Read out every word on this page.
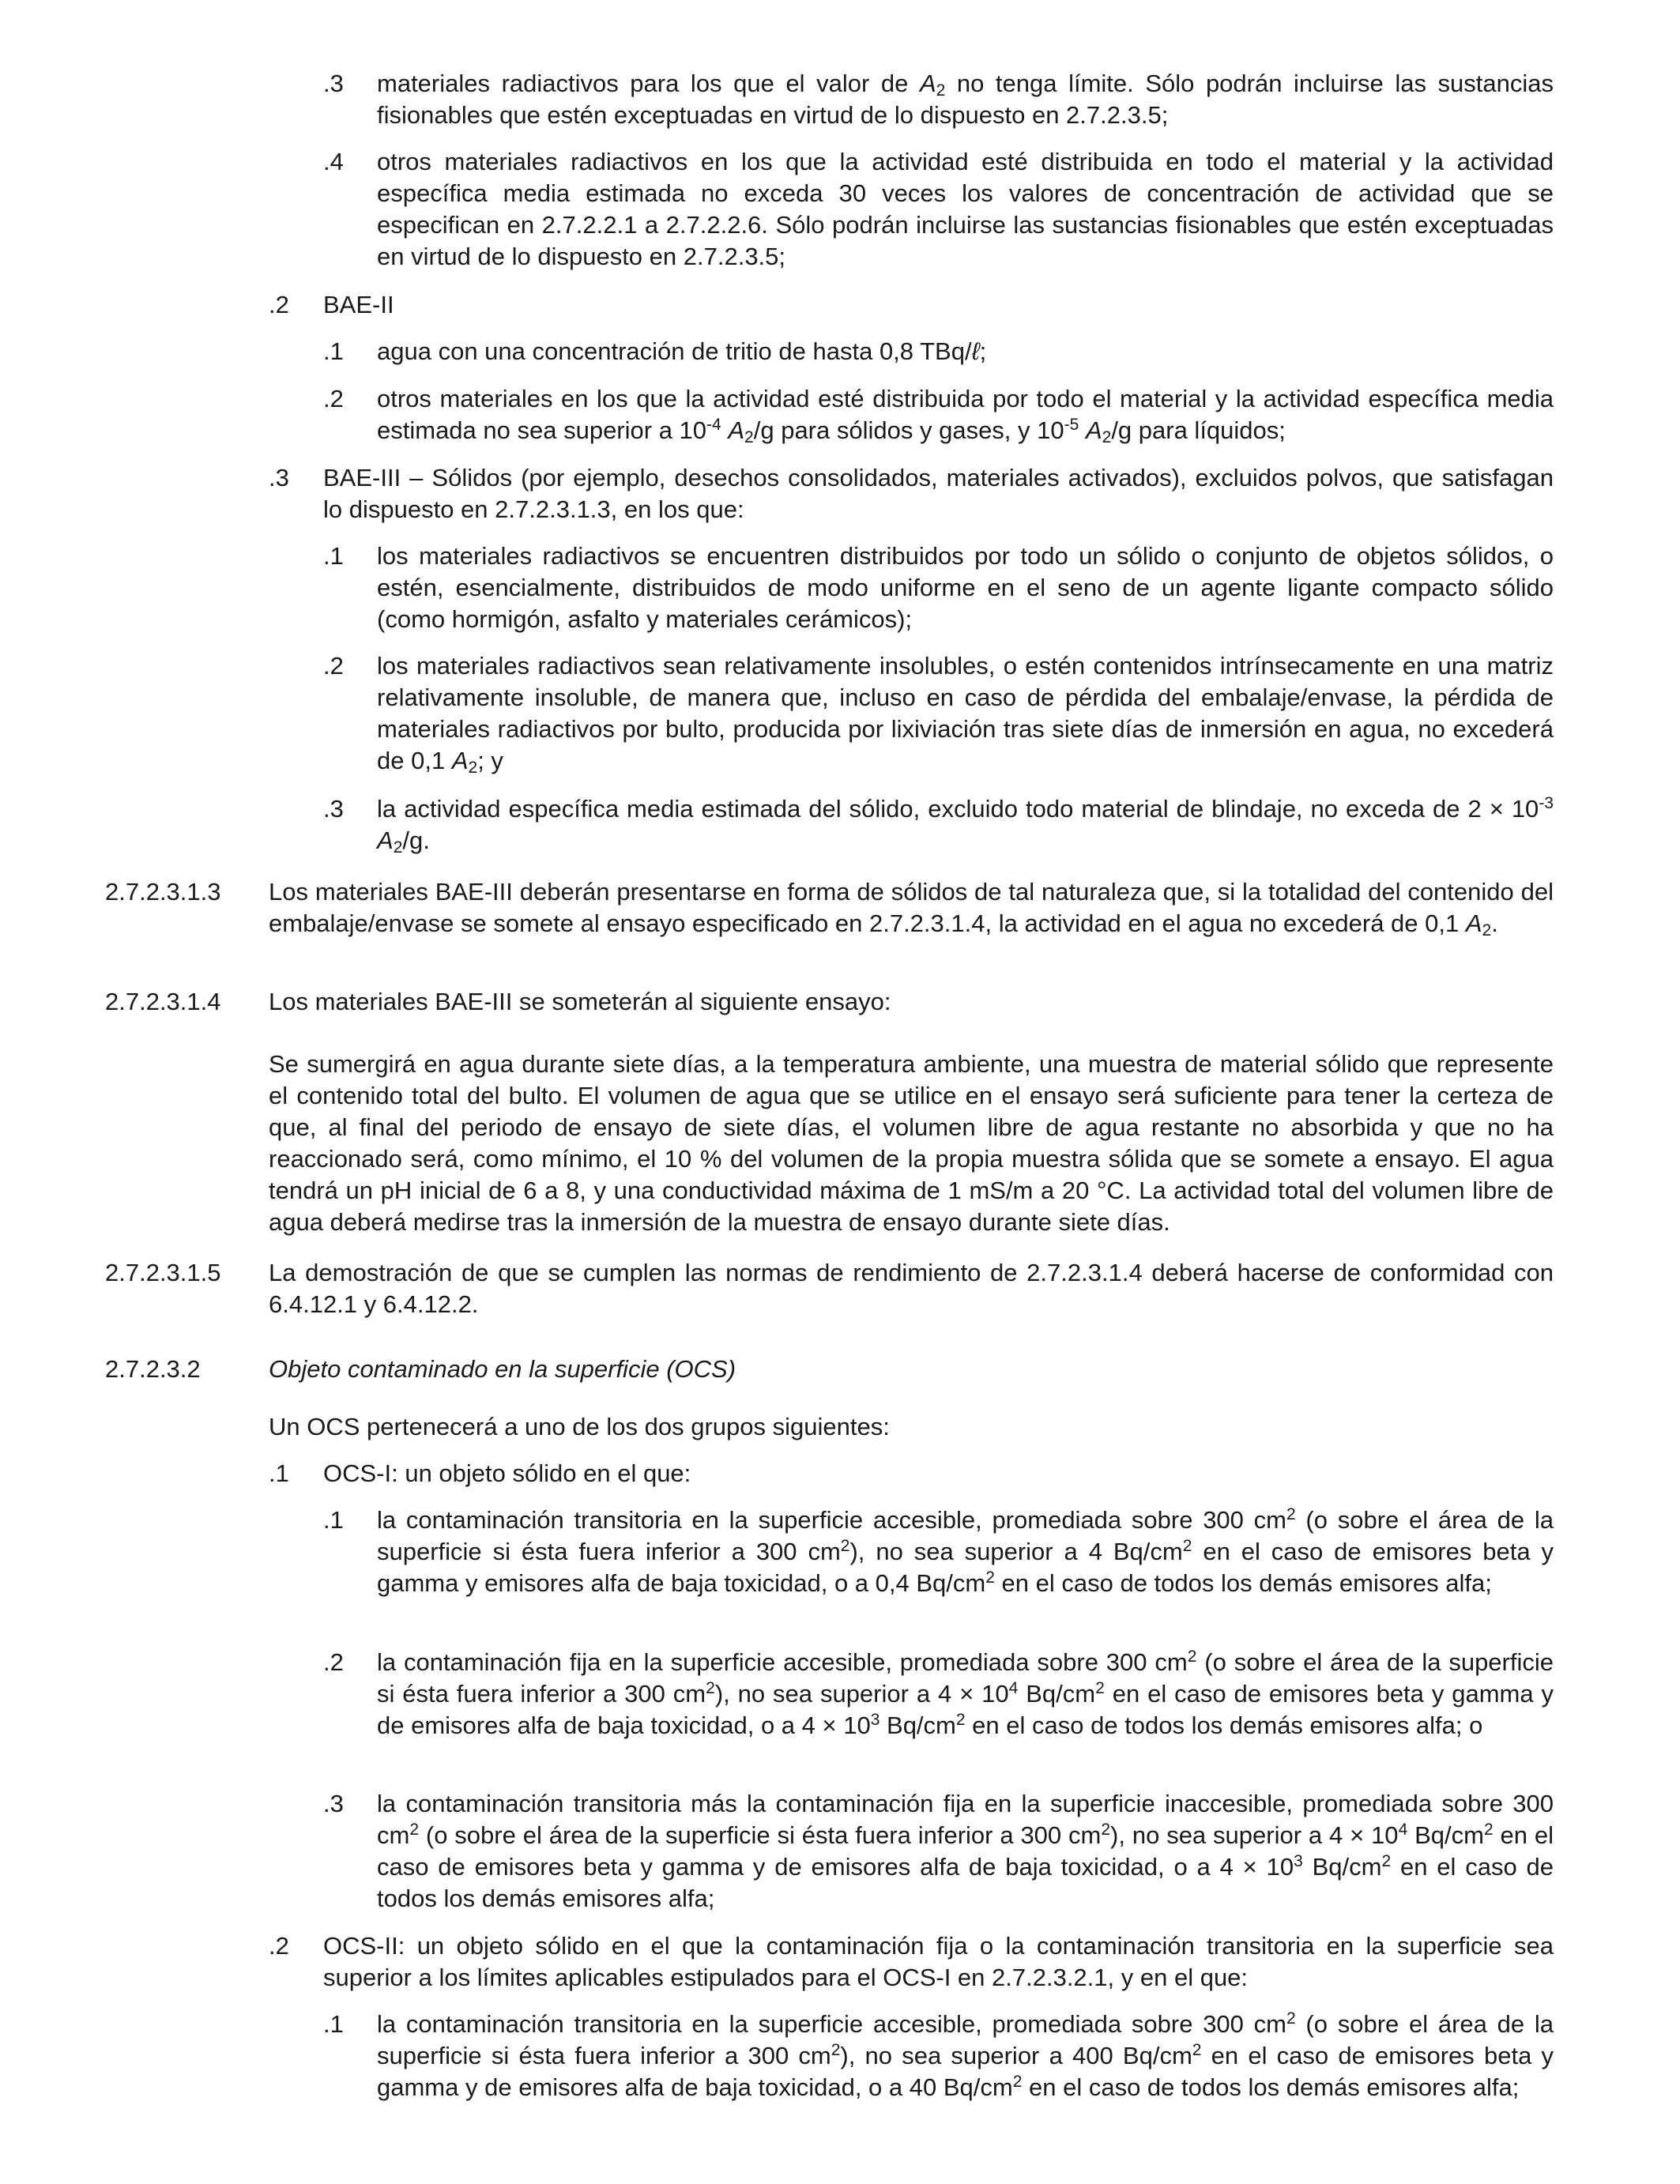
.3 materiales radiactivos para los que el valor de $A_2$ no tenga límite. Sólo podrán incluirse las sustancias fisionables que estén exceptuadas en virtud de lo dispuesto en 2.7.2.3.5;
.4 otros materiales radiactivos en los que la actividad esté distribuida en todo el material y la actividad específica media estimada no exceda 30 veces los valores de concentración de actividad que se especifican en 2.7.2.2.1 a 2.7.2.2.6. Sólo podrán incluirse las sustancias fisionables que estén exceptuadas en virtud de lo dispuesto en 2.7.2.3.5;
.2 BAE-II
.1 agua con una concentración de tritio de hasta 0,8 TBq/ℓ;
.2 otros materiales en los que la actividad esté distribuida por todo el material y la actividad específica media estimada no sea superior a $10^{-4}$ $A_2/g$ para sólidos y gases, y $10^{-5}$ $A_2/g$ para líquidos;
.3 BAE-III – Sólidos (por ejemplo, desechos consolidados, materiales activados), excluidos polvos, que satisfagan lo dispuesto en 2.7.2.3.1.3, en los que:
.1 los materiales radiactivos se encuentren distribuidos por todo un sólido o conjunto de objetos sólidos, o estén, esencialmente, distribuidos de modo uniforme en el seno de un agente ligante compacto sólido (como hormigón, asfalto y materiales cerámicos);
.2 los materiales radiactivos sean relativamente insolubles, o estén contenidos intrínsecamente en una matriz relativamente insoluble, de manera que, incluso en caso de pérdida del embalaje/envase, la pérdida de materiales radiactivos por bulto, producida por lixiviación tras siete días de inmersión en agua, no excederá de 0,1 $A_2$; y
.3 la actividad específica media estimada del sólido, excluido todo material de blindaje, no exceda de $2 \times 10^{-3}$ $A_2/g$.
2.7.2.3.1.3 Los materiales BAE-III deberán presentarse en forma de sólidos de tal naturaleza que, si la totalidad del contenido del embalaje/envase se somete al ensayo especificado en 2.7.2.3.1.4, la actividad en el agua no excederá de 0,1 $A_2$.
2.7.2.3.1.4 Los materiales BAE-III se someterán al siguiente ensayo:
Se sumergirá en agua durante siete días, a la temperatura ambiente, una muestra de material sólido que represente el contenido total del bulto. El volumen de agua que se utilice en el ensayo será suficiente para tener la certeza de que, al final del periodo de ensayo de siete días, el volumen libre de agua restante no absorbida y que no ha reaccionado será, como mínimo, el 10 % del volumen de la propia muestra sólida que se somete a ensayo. El agua tendrá un pH inicial de 6 a 8, y una conductividad máxima de 1 mS/m a 20 °C. La actividad total del volumen libre de agua deberá medirse tras la inmersión de la muestra de ensayo durante siete días.
2.7.2.3.1.5 La demostración de que se cumplen las normas de rendimiento de 2.7.2.3.1.4 deberá hacerse de conformidad con 6.4.12.1 y 6.4.12.2.
2.7.2.3.2	Objeto contaminado en la superficie (OCS)
Un OCS pertenecerá a uno de los dos grupos siguientes:
.1 OCS-I: un objeto sólido en el que:
.1 la contaminación transitoria en la superficie accesible, promediada sobre 300 $cm^2$ (o sobre el área de la superficie si ésta fuera inferior a 300 $cm^2$), no sea superior a 4 $Bq/cm^2$ en el caso de emisores beta y gamma y emisores alfa de baja toxicidad, o a 0,4 $Bq/cm^2$ en el caso de todos los demás emisores alfa;
.2 la contaminación fija en la superficie accesible, promediada sobre 300 $cm^2$ (o sobre el área de la superficie si ésta fuera inferior a 300 $cm^2$), no sea superior a $4 \times 10^4$ $Bq/cm^2$ en el caso de emisores beta y gamma y de emisores alfa de baja toxicidad, o a $4 \times 10^3$ $Bq/cm^2$ en el caso de todos los demás emisores alfa; o
.3 la contaminación transitoria más la contaminación fija en la superficie inaccesible, promediada sobre 300 $cm^2$ (o sobre el área de la superficie si ésta fuera inferior a 300 $cm^2$), no sea superior a $4 \times 10^4$ $Bq/cm^2$ en el caso de emisores beta y gamma y de emisores alfa de baja toxicidad, o a $4 \times 10^3$ $Bq/cm^2$ en el caso de todos los demás emisores alfa;
.2 OCS-II: un objeto sólido en el que la contaminación fija o la contaminación transitoria en la superficie sea superior a los límites aplicables estipulados para el OCS-I en 2.7.2.3.2.1, y en el que:
.1 la contaminación transitoria en la superficie accesible, promediada sobre 300 $cm^2$ (o sobre el área de la superficie si ésta fuera inferior a 300 $cm^2$), no sea superior a 400 $Bq/cm^2$ en el caso de emisores beta y gamma y de emisores alfa de baja toxicidad, o a 40 $Bq/cm^2$ en el caso de todos los demás emisores alfa;
